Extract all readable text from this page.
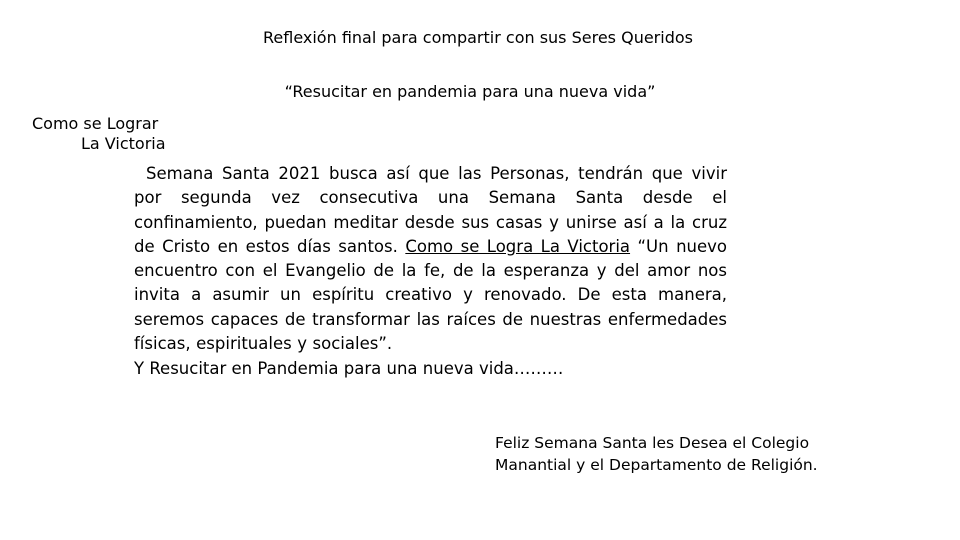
Reflexión final para compartir con sus Seres Queridos
“Resucitar en pandemia para una nueva vida”
Como se Lograr
La Victoria
Semana Santa 2021 busca así que las Personas, tendrán que vivir por segunda vez consecutiva una Semana Santa desde el confinamiento, puedan meditar desde sus casas y unirse así a la cruz de Cristo en estos días santos. Como se Logra La Victoria “Un nuevo encuentro con el Evangelio de la fe, de la esperanza y del amor nos invita a asumir un espíritu creativo y renovado. De esta manera, seremos capaces de transformar las raíces de nuestras enfermedades físicas, espirituales y sociales”.
Y Resucitar en Pandemia para una nueva vida………
Feliz Semana Santa les Desea el Colegio
Manantial y el Departamento de Religión.
